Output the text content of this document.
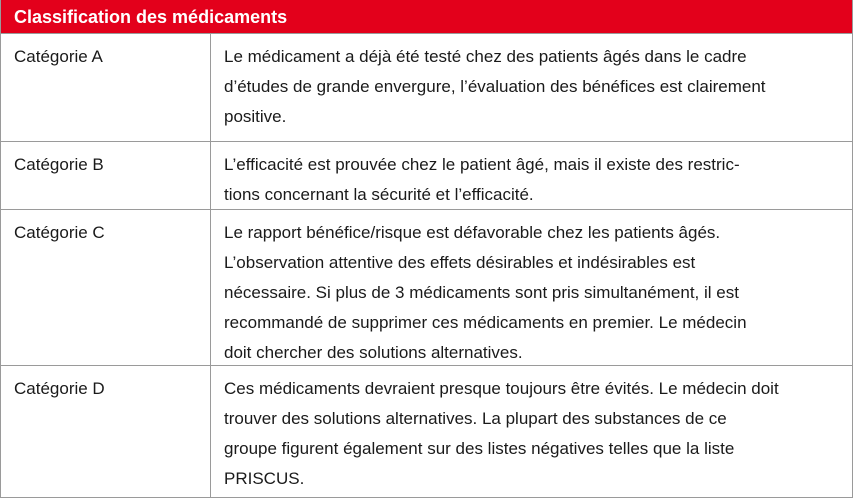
Classification des médicaments
Catégorie A	Le médicament a déjà été testé chez des patients âgés dans le cadre
d’études de grande envergure, l’évaluation des bénéfices est clairement
positive.
Catégorie B	L’efficacité est prouvée chez le patient âgé, mais il existe des restric-
tions concernant la sécurité et l’efficacité.
Catégorie C	Le rapport bénéfice/risque est défavorable chez les patients âgés.
L’observation attentive des effets désirables et indésirables est
nécessaire. Si plus de 3 médicaments sont pris simultanément, il est
recommandé de supprimer ces médicaments en premier. Le médecin
doit chercher des solutions alternatives.
Catégorie D	Ces médicaments devraient presque toujours être évités. Le médecin doit
trouver des solutions alternatives. La plupart des substances de ce
groupe figurent également sur des listes négatives telles que la liste
PRISCUS.
